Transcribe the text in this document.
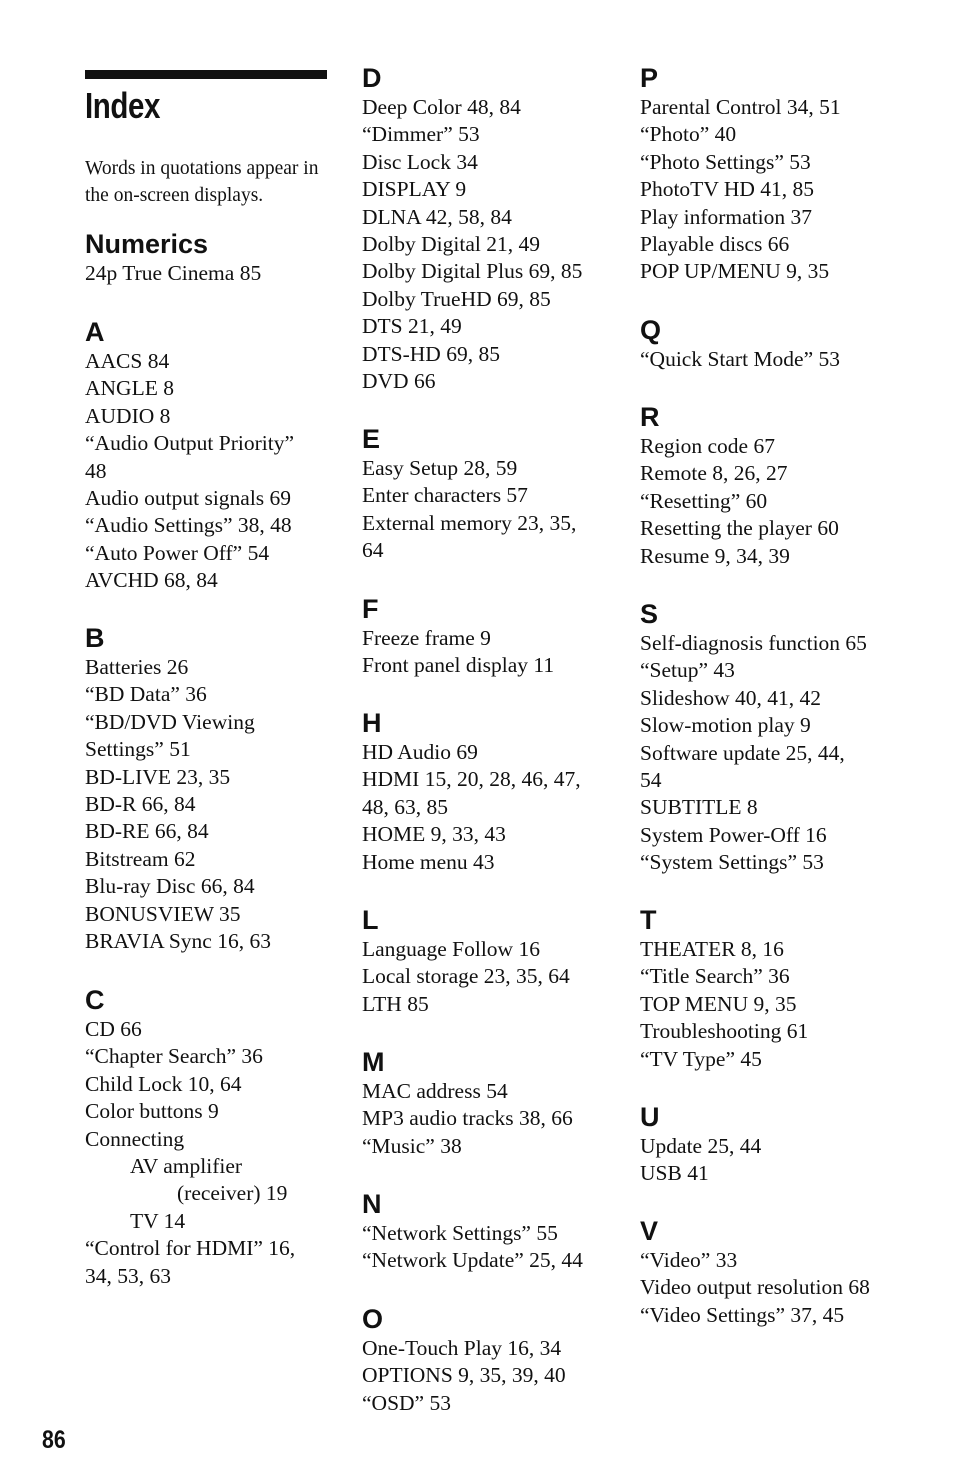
Index

Words in quotations appear in the on-screen displays.

Numerics
24p True Cinema 85
A
AACS 84
ANGLE 8
AUDIO 8
“Audio Output Priority”
48
Audio output signals 69
“Audio Settings” 38, 48
“Auto Power Off” 54
AVCHD 68, 84
B
Batteries 26
“BD Data” 36
“BD/DVD Viewing
Settings” 51
BD-LIVE 23, 35
BD-R 66, 84
BD-RE 66, 84
Bitstream 62
Blu-ray Disc 66, 84
BONUSVIEW 35
BRAVIA Sync 16, 63
C
CD 66
“Chapter Search” 36
Child Lock 10, 64
Color buttons 9
Connecting
AV amplifier
(receiver) 19
TV 14
“Control for HDMI” 16,
34, 53, 63
D
Deep Color 48, 84
“Dimmer” 53
Disc Lock 34
DISPLAY 9
DLNA 42, 58, 84
Dolby Digital 21, 49
Dolby Digital Plus 69, 85
Dolby TrueHD 69, 85
DTS 21, 49
DTS-HD 69, 85
DVD 66
E
Easy Setup 28, 59
Enter characters 57
External memory 23, 35,
64
F
Freeze frame 9
Front panel display 11
H
HD Audio 69
HDMI 15, 20, 28, 46, 47,
48, 63, 85
HOME 9, 33, 43
Home menu 43
L
Language Follow 16
Local storage 23, 35, 64
LTH 85
M
MAC address 54
MP3 audio tracks 38, 66
“Music” 38
N
“Network Settings” 55
“Network Update” 25, 44
O
One-Touch Play 16, 34
OPTIONS 9, 35, 39, 40
“OSD” 53
P
Parental Control 34, 51
“Photo” 40
“Photo Settings” 53
PhotoTV HD 41, 85
Play information 37
Playable discs 66
POP UP/MENU 9, 35
Q
“Quick Start Mode” 53
R
Region code 67
Remote 8, 26, 27
“Resetting” 60
Resetting the player 60
Resume 9, 34, 39
S
Self-diagnosis function 65
“Setup” 43
Slideshow 40, 41, 42
Slow-motion play 9
Software update 25, 44,
54
SUBTITLE 8
System Power-Off 16
“System Settings” 53
T
THEATER 8, 16
“Title Search” 36
TOP MENU 9, 35
Troubleshooting 61
“TV Type” 45
U
Update 25, 44
USB 41
V
“Video” 33
Video output resolution 68
“Video Settings” 37, 45
86
